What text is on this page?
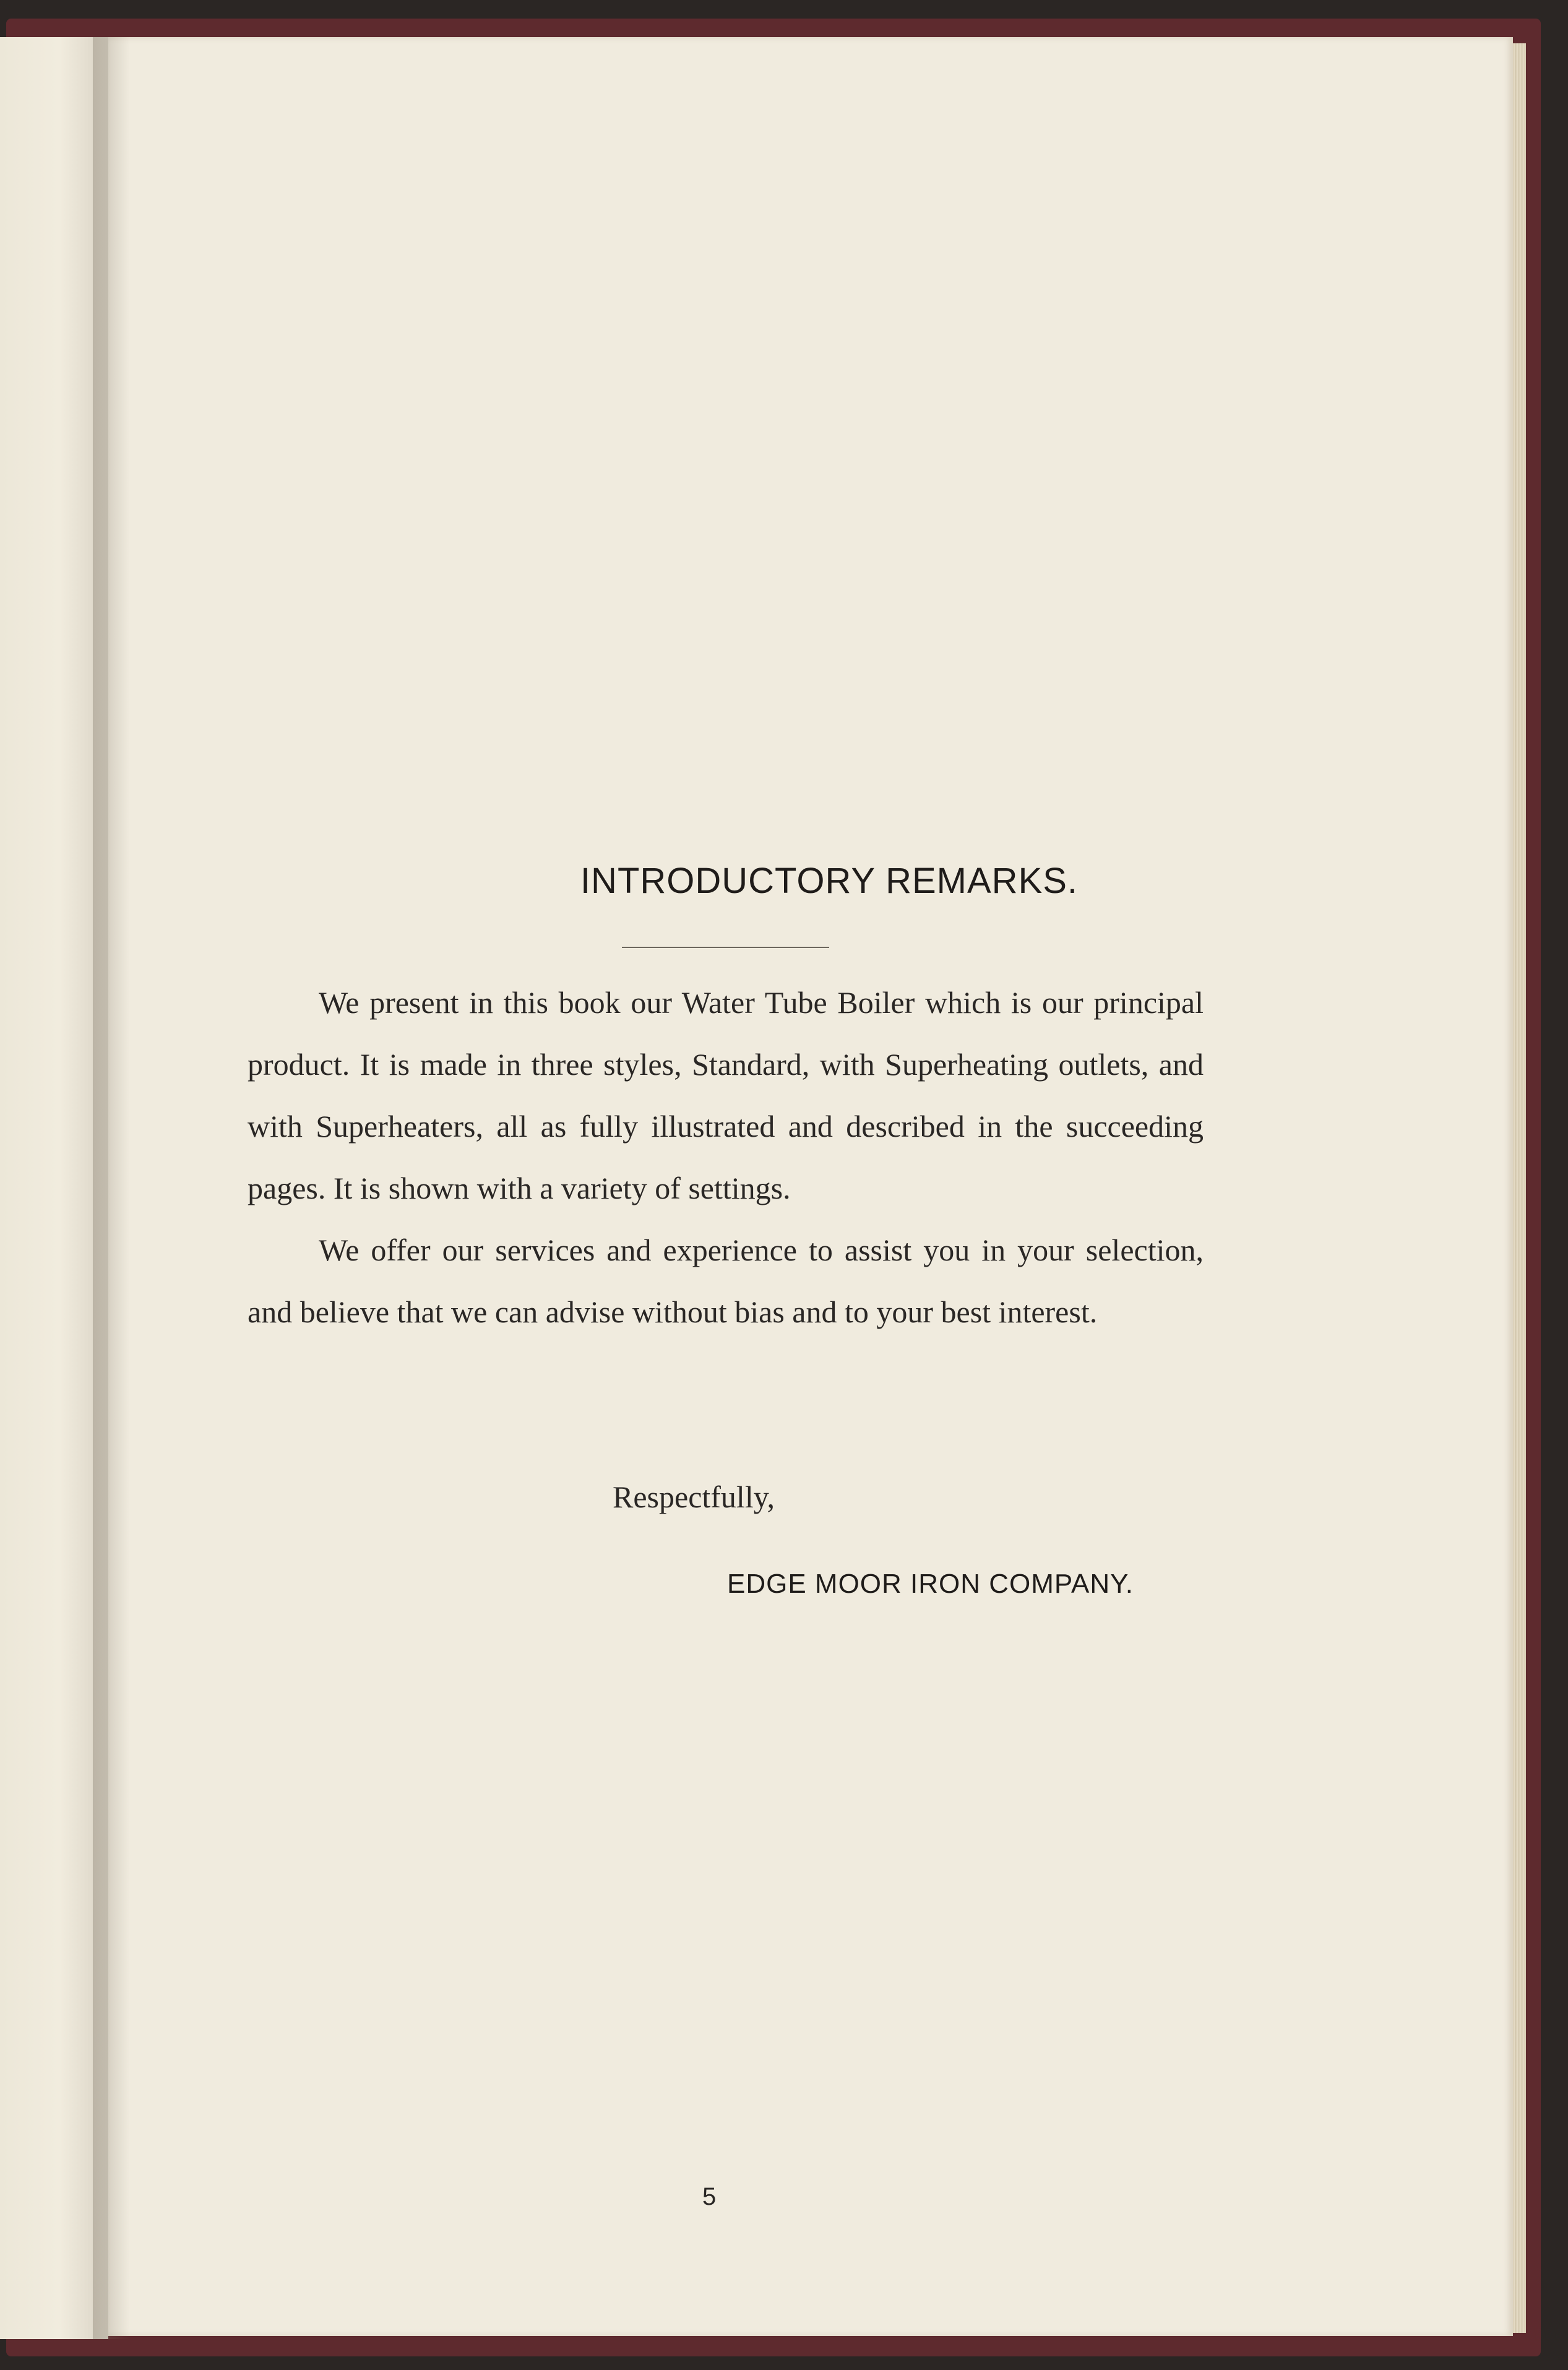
INTRODUCTORY REMARKS.

We present in this book our Water Tube Boiler which is our principal product. It is made in three styles, Standard, with Superheating outlets, and with Superheaters, all as fully illustrated and described in the succeeding pages. It is shown with a variety of settings.

We offer our services and experience to assist you in your selection, and believe that we can advise without bias and to your best interest.

Respectfully,
EDGE MOOR IRON COMPANY.
5
